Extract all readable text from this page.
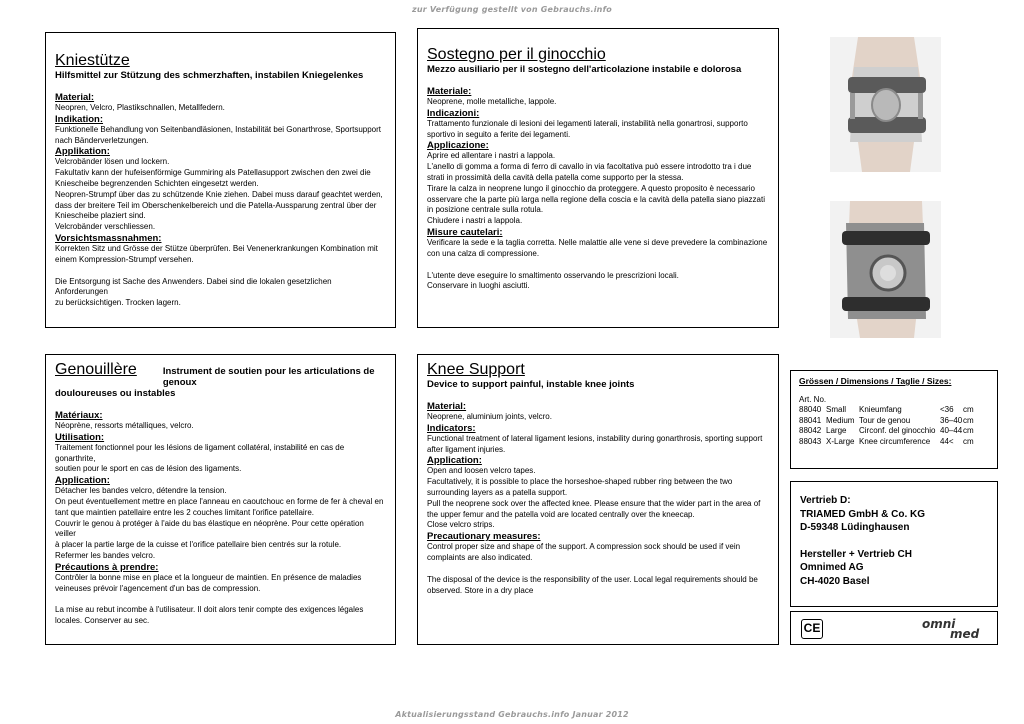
zur Verfügung gestellt von Gebrauchs.info
Kniestütze
Hilfsmittel zur Stützung des schmerzhaften, instabilen Kniegelenkes
Material:
Neopren, Velcro, Plastikschnallen, Metallfedern.
Indikation:
Funktionelle Behandlung von Seitenbandläsionen, Instabilität bei Gonarthrose, Sportsupport
nach Bänderverletzungen.
Applikation:
Velcrobänder lösen und lockern.
Fakultativ kann der hufeisenförmige Gummiring als Patellasupport zwischen den zwei die
Kniescheibe begrenzenden Schichten eingesetzt werden.
Neopren-Strumpf über das zu schützende Knie ziehen. Dabei muss darauf geachtet werden,
dass der breitere Teil im Oberschenkelbereich und die Patella-Aussparung zentral über der
Kniescheibe plaziert sind.
Velcrobänder verschliessen.
Vorsichtsmassnahmen:
Korrekten Sitz und Grösse der Stütze überprüfen. Bei Venenerkrankungen Kombination mit
einem Kompression-Strumpf versehen.
Die Entsorgung ist Sache des Anwenders. Dabei sind die lokalen gesetzlichen Anforderungen
zu berücksichtigen. Trocken lagern.
Sostegno per il ginocchio
Mezzo ausiliario per il sostegno dell'articolazione instabile e dolorosa
Materiale:
Neoprene, molle metalliche, lappole.
Indicazioni:
Trattamento funzionale di lesioni dei legamenti laterali, instabilità nella gonartrosi, supporto
sportivo in seguito a ferite dei legamenti.
Applicazione:
Aprire ed allentare i nastri a lappola.
L'anello di gomma a forma di ferro di cavallo in via facoltativa può essere introdotto tra i due
strati in prossimità della cavità della patella come supporto per la stessa.
Tirare la calza in neoprene lungo il ginocchio da proteggere. A questo proposito è necessario
osservare che la parte più larga nella regione della coscia e la cavità della patella siano piazzati
in posizione centrale sulla rotula.
Chiudere i nastri a lappola.
Misure cautelari:
Verificare la sede e la taglia corretta. Nelle malattie alle vene si deve prevedere la combinazione
con una calza di compressione.
L'utente deve eseguire lo smaltimento osservando le prescrizioni locali.
Conservare in luoghi asciutti.
Genouillère	Instrument de soutien pour les articulations de genoux
douloureuses ou instables
Matériaux:
Néoprène, ressorts métalliques, velcro.
Utilisation:
Traitement fonctionnel pour les lésions de ligament collatéral, instabilité en cas de gonarthrite,
soutien pour le sport en cas de lésion des ligaments.
Application:
Détacher les bandes velcro, détendre la tension.
On peut éventuellement mettre en place l'anneau en caoutchouc en forme de fer à cheval en
tant que maintien patellaire entre les 2 couches limitant l'orifice patellaire.
Couvrir le genou à protéger à l'aide du bas élastique en néoprène. Pour cette opération veiller
à placer la partie large de la cuisse et l'orifice patellaire bien centrés sur la rotule.
Refermer les bandes velcro.
Précautions à prendre:
Contrôler la bonne mise en place et la longueur de maintien. En présence de maladies
veineuses prévoir l'agencement d'un bas de compression.
La mise au rebut incombe à l'utilisateur. Il doit alors tenir compte des exigences légales
locales. Conserver au sec.
Knee Support
Device to support painful, instable knee joints
Material:
Neoprene, aluminium joints, velcro.
Indicators:
Functional treatment of lateral ligament lesions, instability during gonarthrosis, sporting support
after ligament injuries.
Application:
Open and loosen velcro tapes.
Facultatively, it is possible to place the horseshoe-shaped rubber ring between the two
surrounding layers as a patella support.
Pull the neoprene sock over the affected knee. Please ensure that the wider part in the area of
the upper femur and the patella void are located centrally over the kneecap.
Close velcro strips.
Precautionary measures:
Control proper size and shape of the support. A compression sock should be used if vein
complaints are also indicated.
The disposal of the device is the responsibility of the user. Local legal requirements should be
observed. Store in a dry place
Grössen / Dimensions / Taglie / Sizes:
Art. No.
88040 Small	Knieumfang	<36	cm
88041 Medium Tour de genou	36–40 cm
88042 Large	Circonf. del ginocchio 40–44 cm
88043 X-Large Knee circumference	44<	cm
Vertrieb D:
TRIAMED GmbH & Co. KG
D-59348 Lüdinghausen
Hersteller + Vertrieb CH
Omnimed AG
CH-4020 Basel
CE	omni
med
Aktualisierungsstand Gebrauchs.info Januar 2012
